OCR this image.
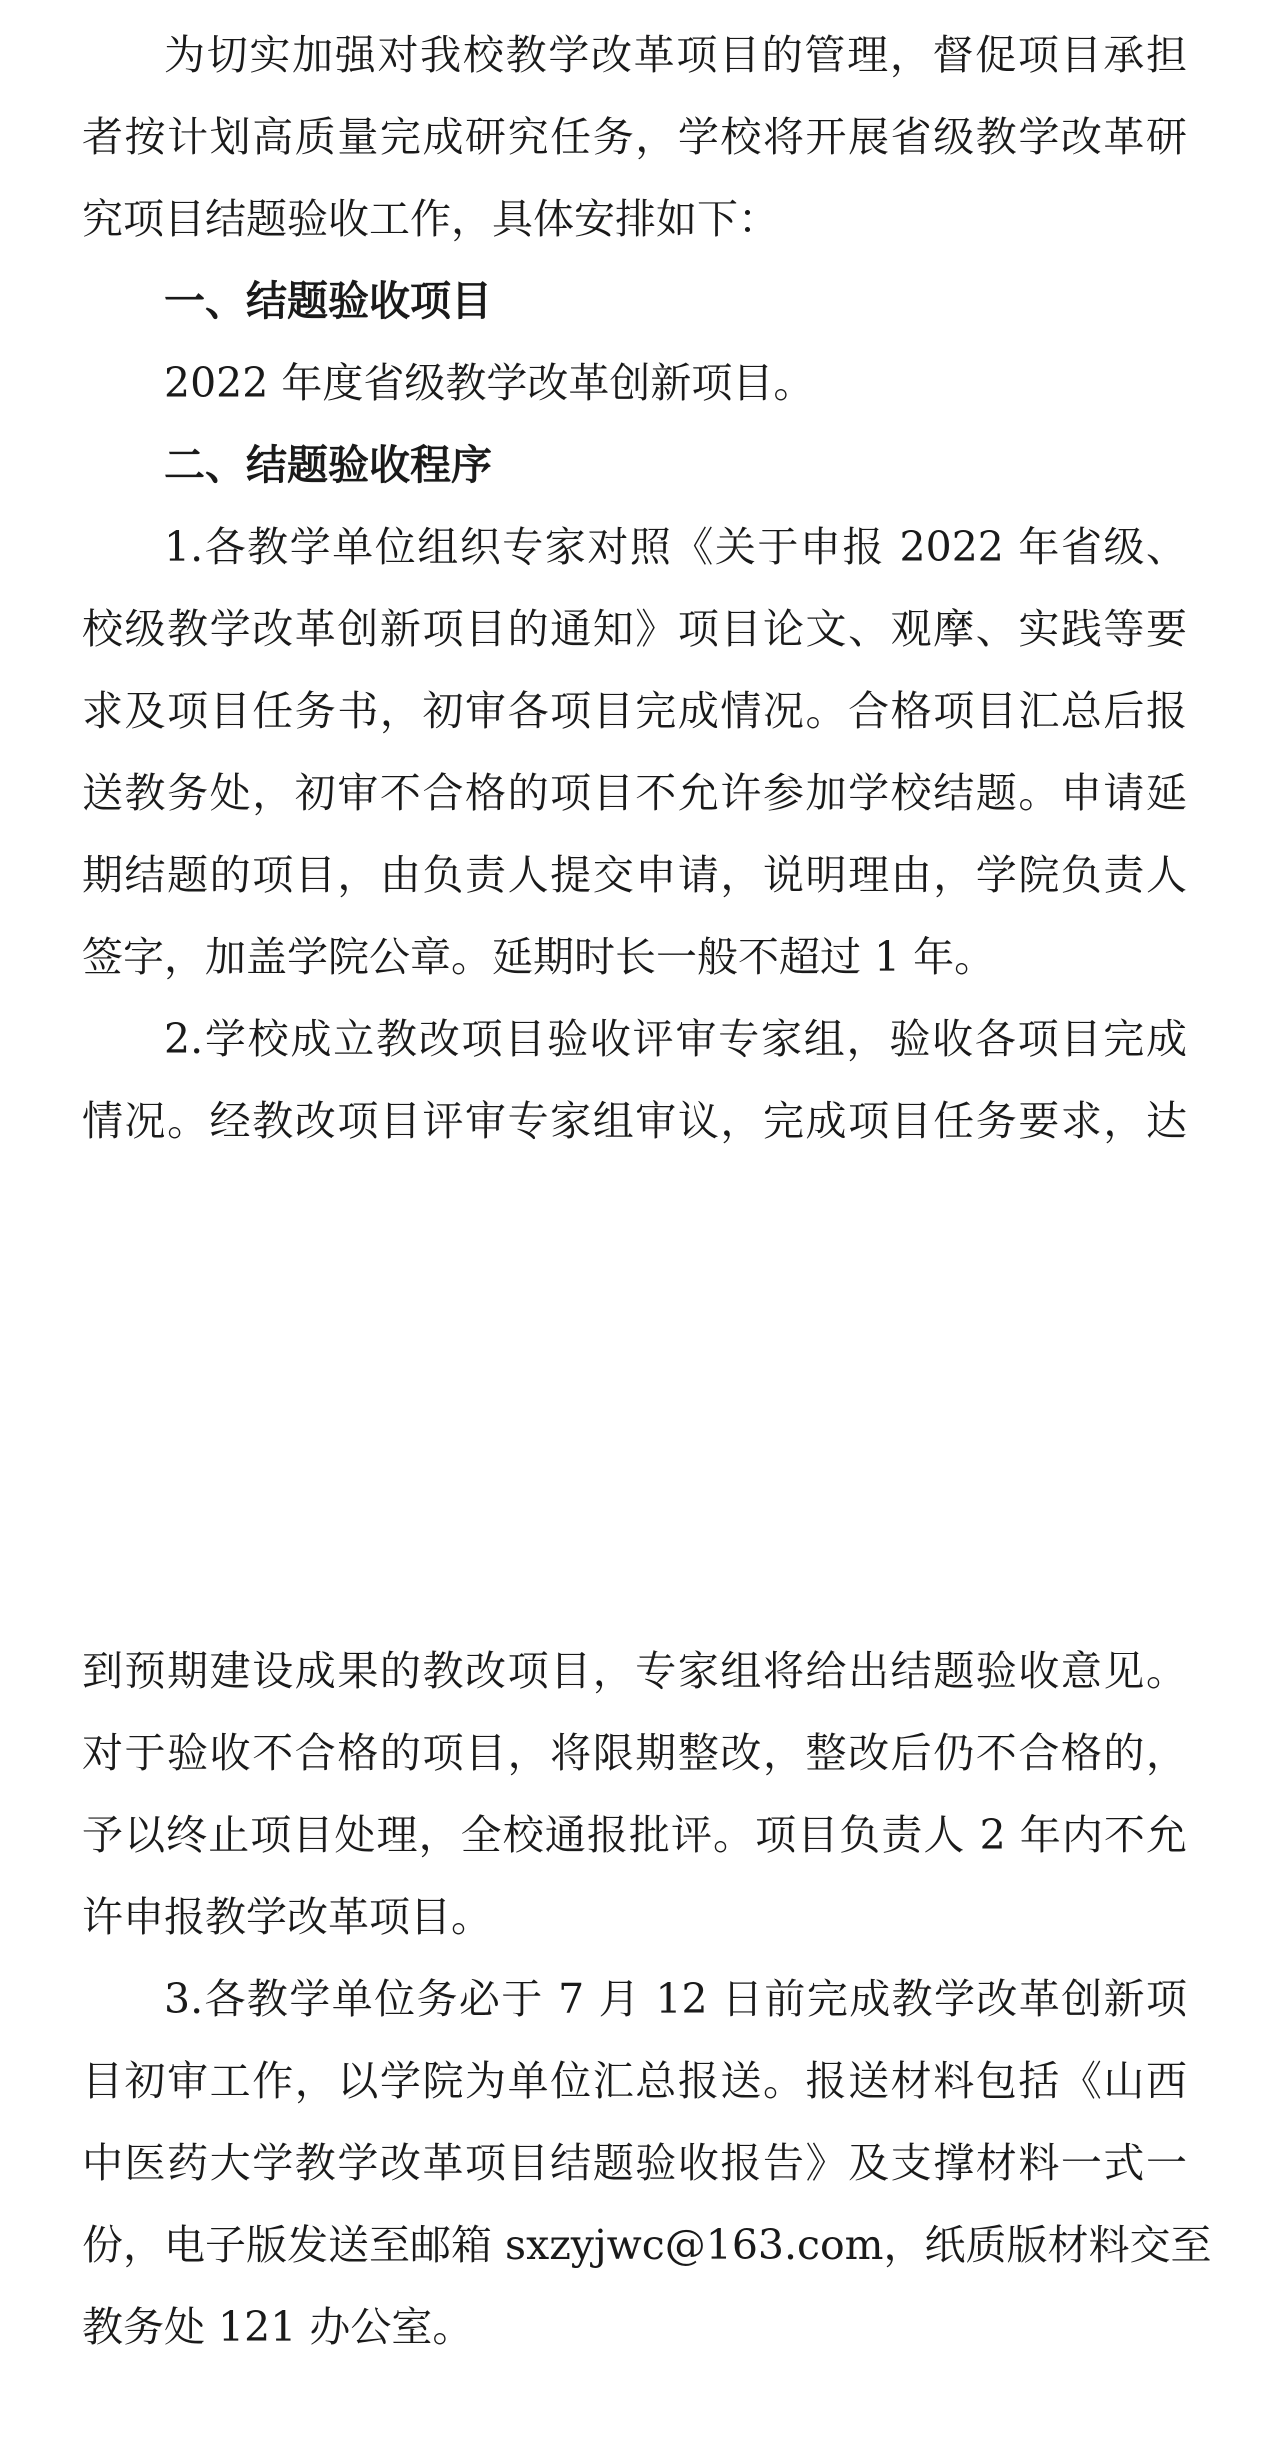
为切实加强对我校教学改革项目的管理，督促项目承担
者按计划高质量完成研究任务，学校将开展省级教学改革研
究项目结题验收工作，具体安排如下：
一、结题验收项目
2022 年度省级教学改革创新项目。
二、结题验收程序
1.各教学单位组织专家对照《关于申报 2022 年省级、
校级教学改革创新项目的通知》项目论文、观摩、实践等要
求及项目任务书，初审各项目完成情况。合格项目汇总后报
送教务处，初审不合格的项目不允许参加学校结题。申请延
期结题的项目，由负责人提交申请，说明理由，学院负责人
签字，加盖学院公章。延期时长一般不超过 1 年。
2.学校成立教改项目验收评审专家组，验收各项目完成
情况。经教改项目评审专家组审议，完成项目任务要求，达
到预期建设成果的教改项目，专家组将给出结题验收意见。
对于验收不合格的项目，将限期整改，整改后仍不合格的，
予以终止项目处理，全校通报批评。项目负责人 2 年内不允
许申报教学改革项目。
3.各教学单位务必于 7 月 12 日前完成教学改革创新项
目初审工作，以学院为单位汇总报送。报送材料包括《山西
中医药大学教学改革项目结题验收报告》及支撑材料一式一
份，电子版发送至邮箱 sxzyjwc@163.com，纸质版材料交至
教务处 121 办公室。
